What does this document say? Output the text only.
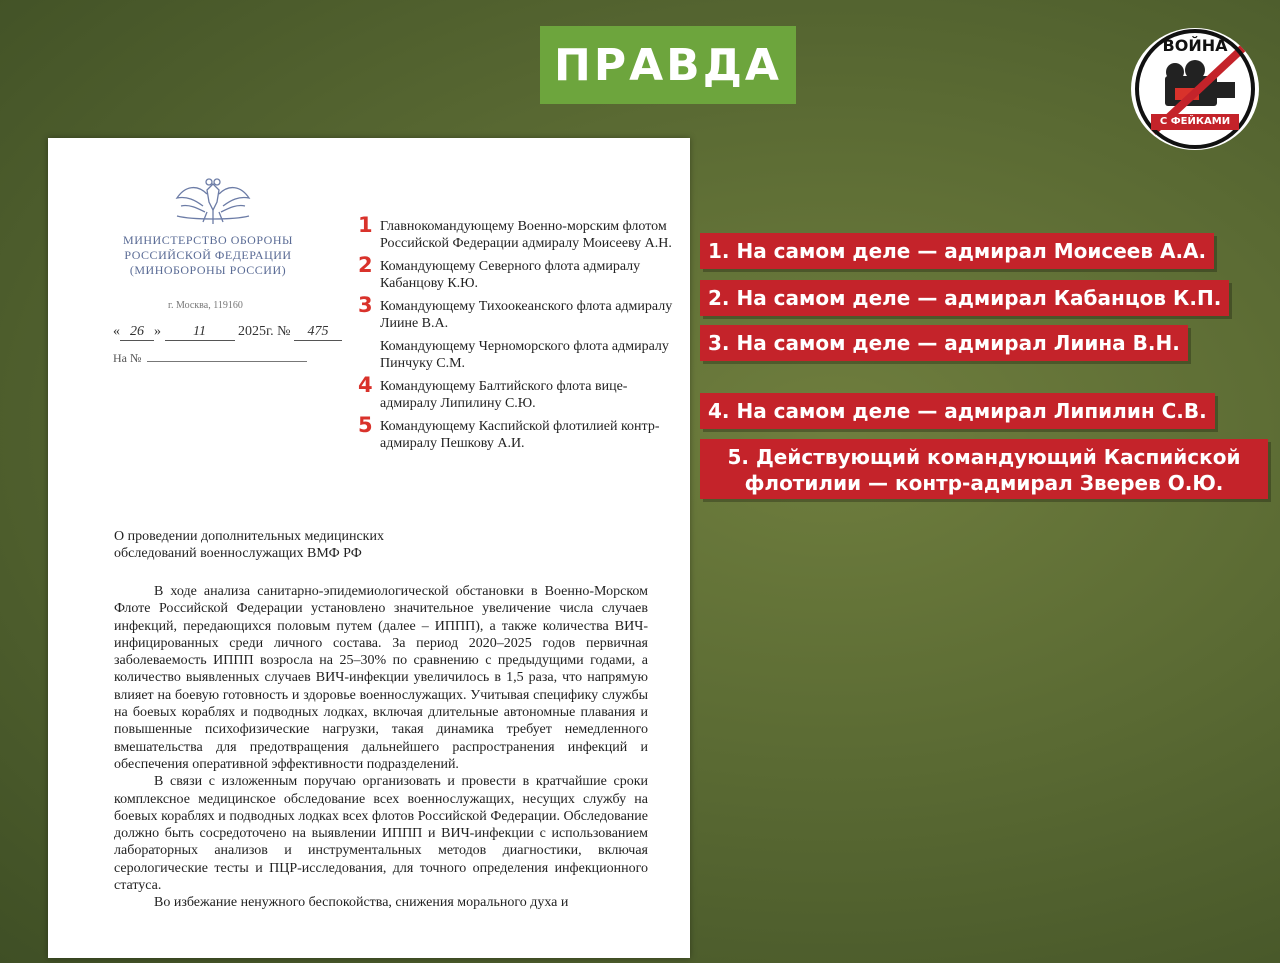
ПРАВДА	ВОЙНА
С ФЕЙКАМИ
МИНИСТЕРСТВО ОБОРОНЫ
РОССИЙСКОЙ ФЕДЕРАЦИИ
(МИНОБОРОНЫ РОССИИ)
г. Москва, 119160
« 26 » 11 2025г. № 475
На №
1 Главнокомандующему Военно-морским флотом Российской Федерации адмиралу Моисееву А.Н.
2 Командующему Северного флота адмиралу Кабанцову К.Ю.
3 Командующему Тихоокеанского флота адмиралу Лиине В.А.
Командующему Черноморского флота адмиралу Пинчуку С.М.
4 Командующему Балтийского флота вице-адмиралу Липилину С.Ю.
5 Командующему Каспийской флотилией контр-адмиралу Пешкову А.И.
О проведении дополнительных медицинских обследований военнослужащих ВМФ РФ

В ходе анализа санитарно-эпидемиологической обстановки в Военно-Морском Флоте Российской Федерации установлено значительное увеличение числа случаев инфекций, передающихся половым путем (далее – ИППП), а также количества ВИЧ-инфицированных среди личного состава. За период 2020–2025 годов первичная заболеваемость ИППП возросла на 25–30% по сравнению с предыдущими годами, а количество выявленных случаев ВИЧ-инфекции увеличилось в 1,5 раза, что напрямую влияет на боевую готовность и здоровье военнослужащих. Учитывая специфику службы на боевых кораблях и подводных лодках, включая длительные автономные плавания и повышенные психофизические нагрузки, такая динамика требует немедленного вмешательства для предотвращения дальнейшего распространения инфекций и обеспечения оперативной эффективности подразделений.

В связи с изложенным поручаю организовать и провести в кратчайшие сроки комплексное медицинское обследование всех военнослужащих, несущих службу на боевых кораблях и подводных лодках всех флотов Российской Федерации. Обследование должно быть сосредоточено на выявлении ИППП и ВИЧ-инфекции с использованием лабораторных анализов и инструментальных методов диагностики, включая серологические тесты и ПЦР-исследования, для точного определения инфекционного статуса.

Во избежание ненужного беспокойства, снижения морального духа и

1. На самом деле — адмирал Моисеев А.А.
2. На самом деле — адмирал Кабанцов К.П.
3. На самом деле — адмирал Лиина В.Н.
4. На самом деле — адмирал Липилин С.В.
5. Действующий командующий Каспийской
флотилии — контр-адмирал Зверев О.Ю.
